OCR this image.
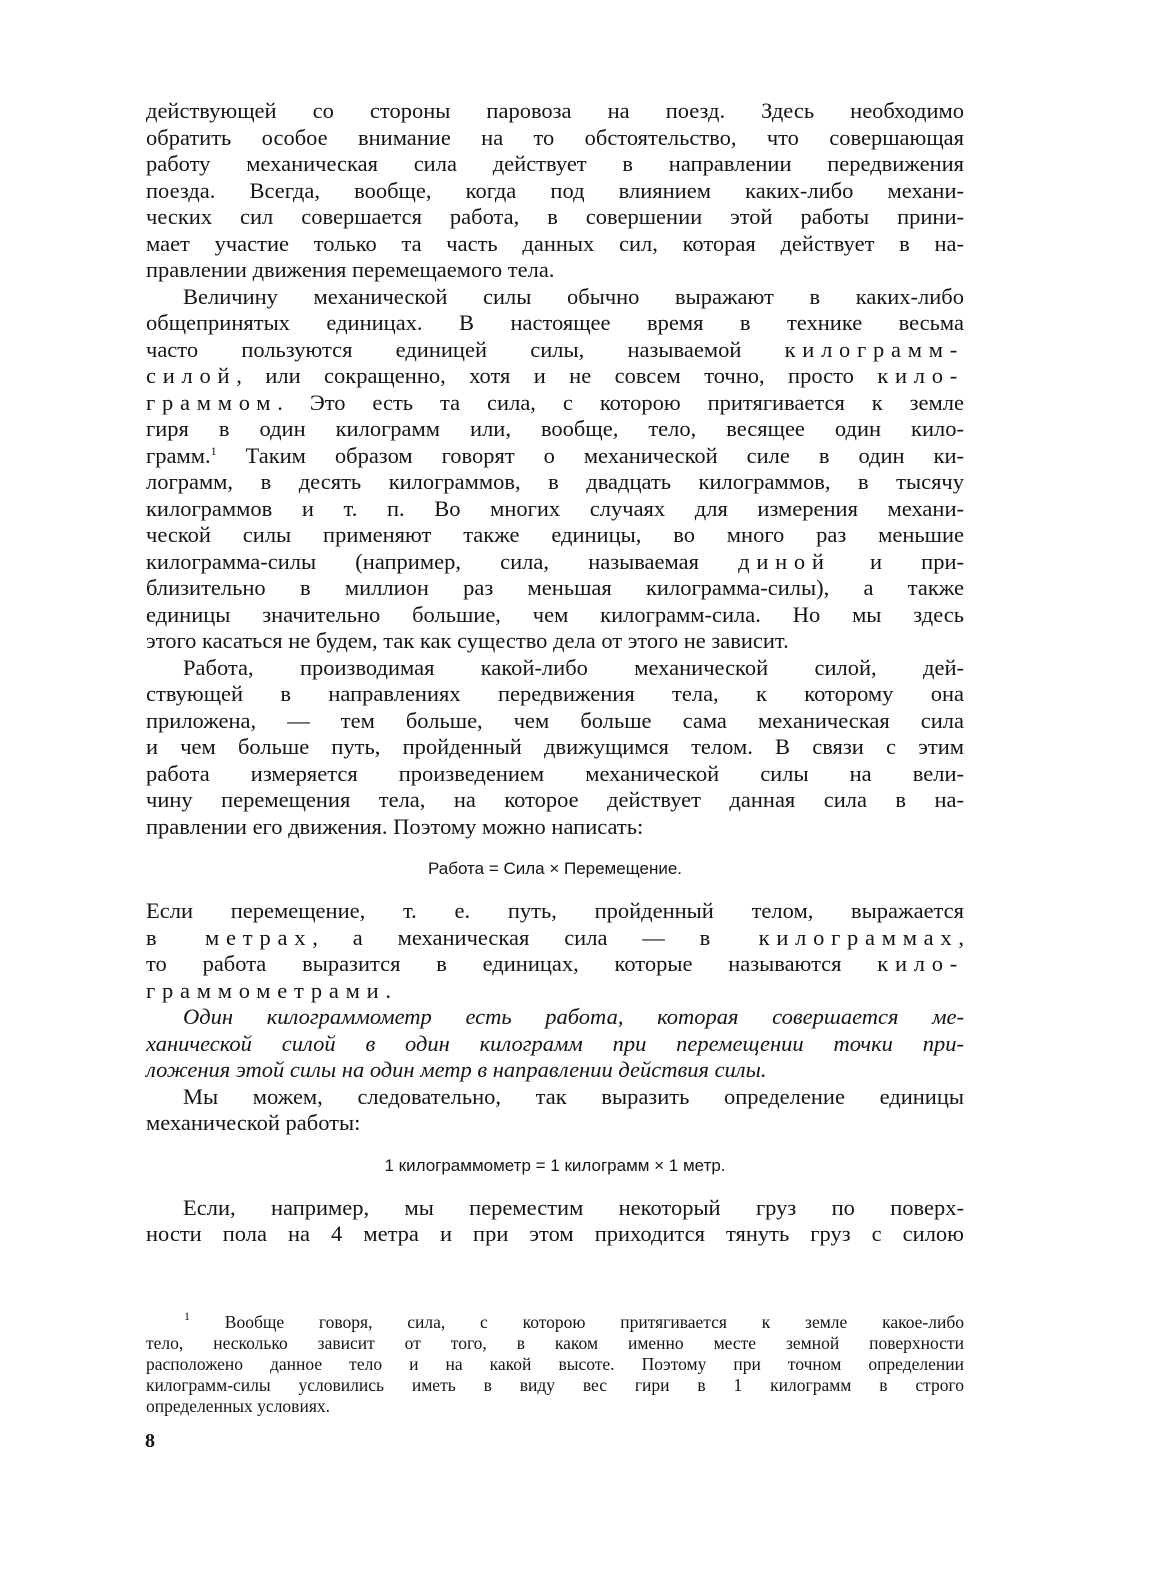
действующей со стороны паровоза на поезд. Здесь необходимо
обратить особое внимание на то обстоятельство, что совершающая
работу механическая сила действует в направлении передвижения
поезда. Всегда, вообще, когда под влиянием каких-либо механи-
ческих сил совершается работа, в совершении этой работы прини-
мает участие только та часть данных сил, которая действует в на-
правлении движения перемещаемого тела.
Величину механической силы обычно выражают в каких-либо
общепринятых единицах. В настоящее время в технике весьма
часто пользуются единицей силы, называемой килограмм-
силой, или сокращенно, хотя и не совсем точно, просто кило-
граммом. Это есть та сила, с которою притягивается к земле
гиря в один килограмм или, вообще, тело, весящее один кило-
грамм.$^1$ Таким образом говорят о механической силе в один ки-
лограмм, в десять килограммов, в двадцать килограммов, в тысячу
килограммов и т. п. Во многих случаях для измерения механи-
ческой силы применяют также единицы, во много раз меньшие
килограмма-силы (например, сила, называемая диной и при-
близительно в миллион раз меньшая килограмма-силы), а также
единицы значительно большие, чем килограмм-сила. Но мы здесь
этого касаться не будем, так как существо дела от этого не зависит.
Работа, производимая какой-либо механической силой, дей-
ствующей в направлениях передвижения тела, к которому она
приложена, — тем больше, чем больше сама механическая сила
и чем больше путь, пройденный движущимся телом. В связи с этим
работа измеряется произведением механической силы на вели-
чину перемещения тела, на которое действует данная сила в на-
правлении его движения. Поэтому можно написать:
Работа = Сила × Перемещение.
Если перемещение, т. е. путь, пройденный телом, выражается
в метрах, а механическая сила — в килограммах,
то работа выразится в единицах, которые называются кило-
граммометрами.
Один килограммометр есть работа, которая совершается ме-
ханической силой в один килограмм при перемещении точки при-
ложения этой силы на один метр в направлении действия силы.
Мы можем, следовательно, так выразить определение единицы
механической работы:
1 килограммометр = 1 килограмм × 1 метр.
Если, например, мы переместим некоторый груз по поверх-
ности пола на 4 метра и при этом приходится тянуть груз с силою
$^1$ Вообще говоря, сила, с которою притягивается к земле какое-либо
тело, несколько зависит от того, в каком именно месте земной поверхности
расположено данное тело и на какой высоте. Поэтому при точном определении
килограмм-силы условились иметь в виду вес гири в 1 килограмм в строго
определенных условиях.
8
